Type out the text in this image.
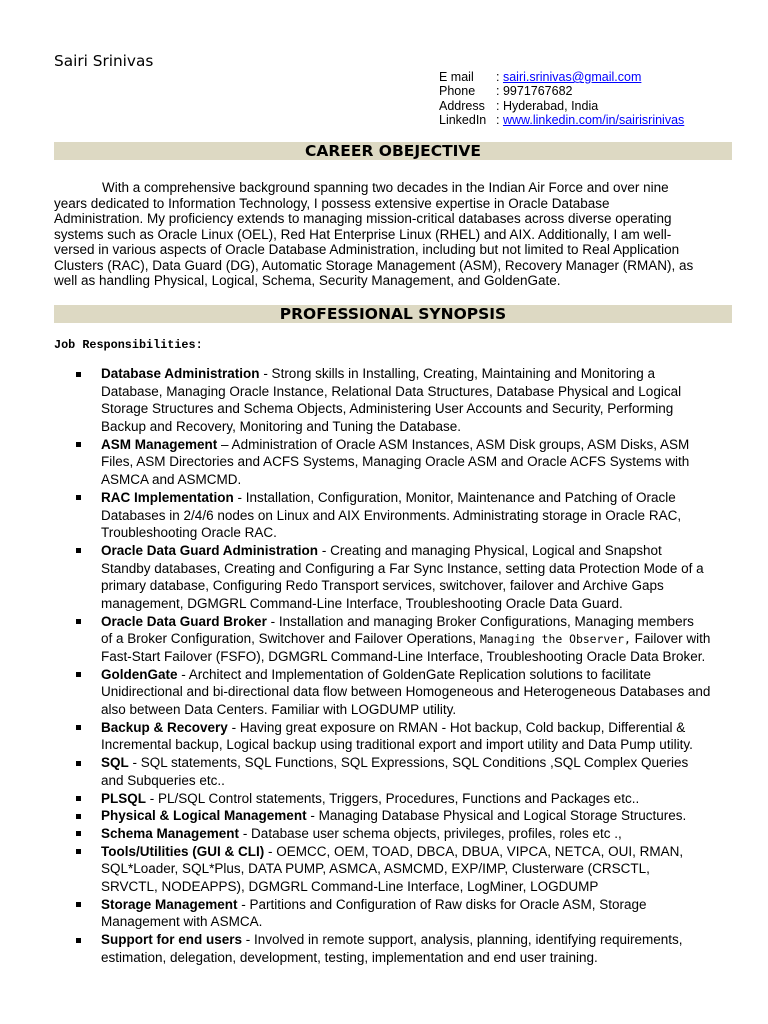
Sairi Srinivas
E mail : sairi.srinivas@gmail.com
Phone : 9971767682
Address : Hyderabad, India
LinkedIn : www.linkedin.com/in/sairisrinivas
CAREER OBEJECTIVE
With a comprehensive background spanning two decades in the Indian Air Force and over nine
years dedicated to Information Technology, I possess extensive expertise in Oracle Database
Administration. My proficiency extends to managing mission-critical databases across diverse operating
systems such as Oracle Linux (OEL), Red Hat Enterprise Linux (RHEL) and AIX. Additionally, I am well-
versed in various aspects of Oracle Database Administration, including but not limited to Real Application
Clusters (RAC), Data Guard (DG), Automatic Storage Management (ASM), Recovery Manager (RMAN), as
well as handling Physical, Logical, Schema, Security Management, and GoldenGate.
PROFESSIONAL SYNOPSIS
Job Responsibilities:
Database Administration - Strong skills in Installing, Creating, Maintaining and Monitoring a
Database, Managing Oracle Instance, Relational Data Structures, Database Physical and Logical
Storage Structures and Schema Objects, Administering User Accounts and Security, Performing
Backup and Recovery, Monitoring and Tuning the Database.
ASM Management – Administration of Oracle ASM Instances, ASM Disk groups, ASM Disks, ASM
Files, ASM Directories and ACFS Systems, Managing Oracle ASM and Oracle ACFS Systems with
ASMCA and ASMCMD.
RAC Implementation - Installation, Configuration, Monitor, Maintenance and Patching of Oracle
Databases in 2/4/6 nodes on Linux and AIX Environments. Administrating storage in Oracle RAC,
Troubleshooting Oracle RAC.
Oracle Data Guard Administration - Creating and managing Physical, Logical and Snapshot
Standby databases, Creating and Configuring a Far Sync Instance, setting data Protection Mode of a
primary database, Configuring Redo Transport services, switchover, failover and Archive Gaps
management, DGMGRL Command-Line Interface, Troubleshooting Oracle Data Guard.
Oracle Data Guard Broker - Installation and managing Broker Configurations, Managing members
of a Broker Configuration, Switchover and Failover Operations, Managing the Observer, Failover with
Fast-Start Failover (FSFO), DGMGRL Command-Line Interface, Troubleshooting Oracle Data Broker.
GoldenGate - Architect and Implementation of GoldenGate Replication solutions to facilitate
Unidirectional and bi-directional data flow between Homogeneous and Heterogeneous Databases and
also between Data Centers. Familiar with LOGDUMP utility.
Backup & Recovery - Having great exposure on RMAN - Hot backup, Cold backup, Differential &
Incremental backup, Logical backup using traditional export and import utility and Data Pump utility.
SQL - SQL statements, SQL Functions, SQL Expressions, SQL Conditions ,SQL Complex Queries
and Subqueries etc..
PLSQL - PL/SQL Control statements, Triggers, Procedures, Functions and Packages etc..
Physical & Logical Management - Managing Database Physical and Logical Storage Structures.
Schema Management - Database user schema objects, privileges, profiles, roles etc .,
Tools/Utilities (GUI & CLI) - OEMCC, OEM, TOAD, DBCA, DBUA, VIPCA, NETCA, OUI, RMAN,
SQL*Loader, SQL*Plus, DATA PUMP, ASMCA, ASMCMD, EXP/IMP, Clusterware (CRSCTL,
SRVCTL, NODEAPPS), DGMGRL Command-Line Interface, LogMiner, LOGDUMP
Storage Management - Partitions and Configuration of Raw disks for Oracle ASM, Storage
Management with ASMCA.
Support for end users - Involved in remote support, analysis, planning, identifying requirements,
estimation, delegation, development, testing, implementation and end user training.
